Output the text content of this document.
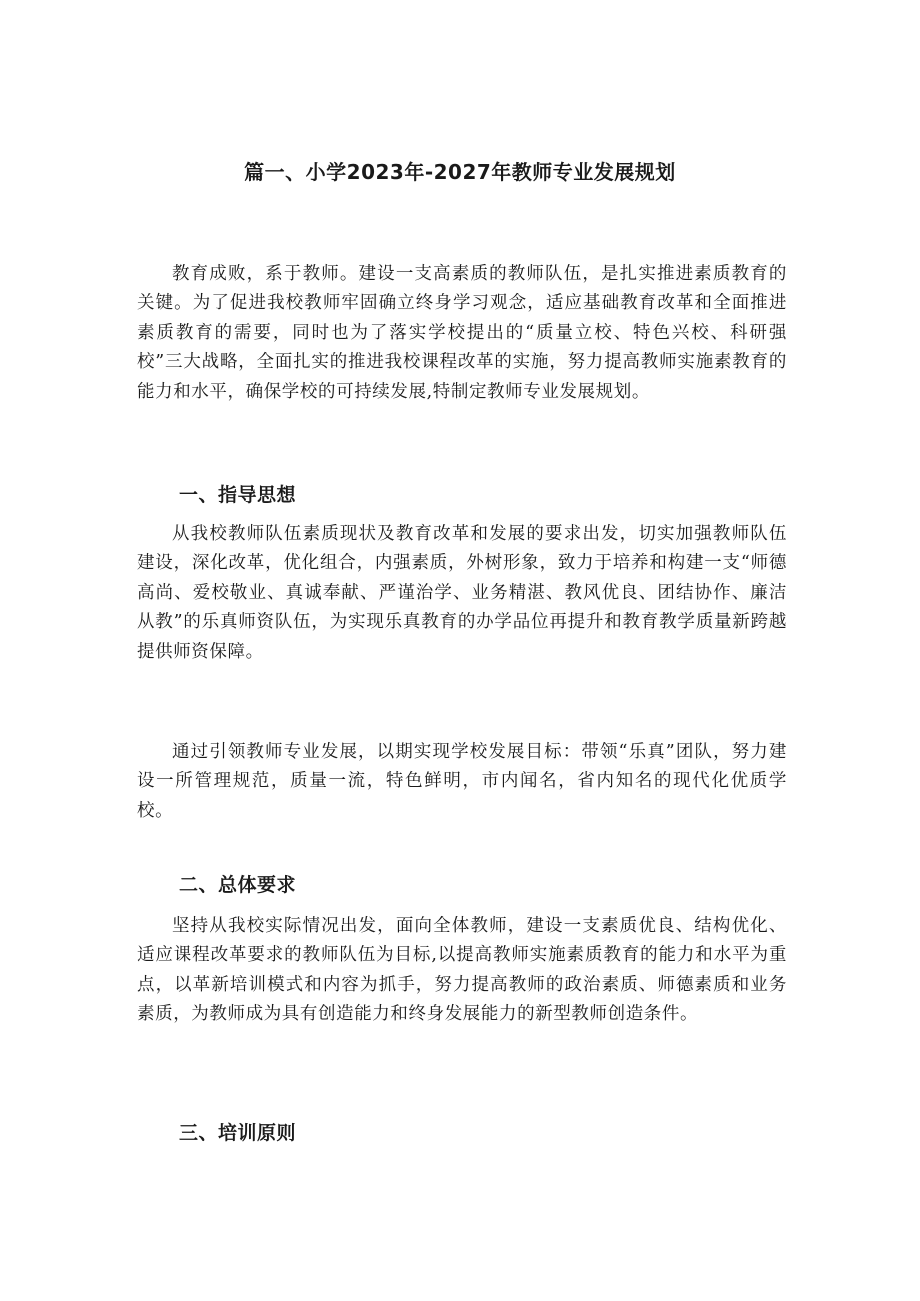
篇一、小学2023年-2027年教师专业发展规划
教育成败，系于教师。建设一支高素质的教师队伍，是扎实推进素质教育的关键。为了促进我校教师牢固确立终身学习观念，适应基础教育改革和全面推进素质教育的需要，同时也为了落实学校提出的“质量立校、特色兴校、科研强校”三大战略，全面扎实的推进我校课程改革的实施，努力提高教师实施素教育的能力和水平，确保学校的可持续发展,特制定教师专业发展规划。
一、指导思想
从我校教师队伍素质现状及教育改革和发展的要求出发，切实加强教师队伍建设，深化改革，优化组合，内强素质，外树形象，致力于培养和构建一支“师德高尚、爱校敬业、真诚奉献、严谨治学、业务精湛、教风优良、团结协作、廉洁从教”的乐真师资队伍，为实现乐真教育的办学品位再提升和教育教学质量新跨越提供师资保障。
通过引领教师专业发展，以期实现学校发展目标：带领“乐真”团队，努力建设一所管理规范，质量一流，特色鲜明，市内闻名，省内知名的现代化优质学校。
二、总体要求
坚持从我校实际情况出发，面向全体教师，建设一支素质优良、结构优化、适应课程改革要求的教师队伍为目标,以提高教师实施素质教育的能力和水平为重点，以革新培训模式和内容为抓手，努力提高教师的政治素质、师德素质和业务素质，为教师成为具有创造能力和终身发展能力的新型教师创造条件。
三、培训原则
